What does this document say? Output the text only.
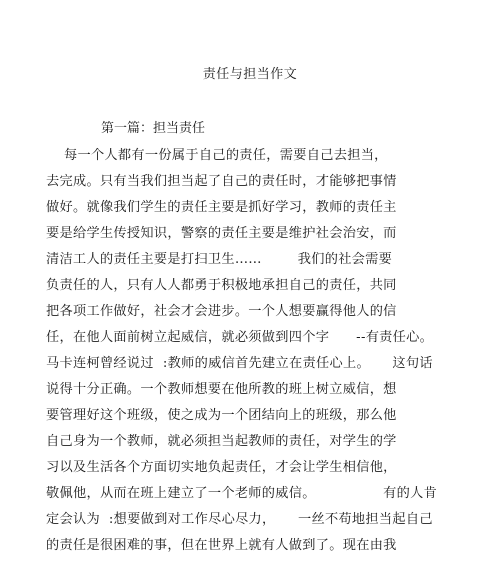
责任与担当作文
第一篇：担当责任
每一个人都有一份属于自己的责任，需要自己去担当，
去完成。只有当我们担当起了自己的责任时，才能够把事情
做好。就像我们学生的责任主要是抓好学习，教师的责任主
要是给学生传授知识，警察的责任主要是维护社会治安，而
清洁工人的责任主要是打扫卫生……        我们的社会需要
负责任的人，只有人人都勇于积极地承担自己的责任，共同
把各项工作做好，社会才会进步。一个人想要赢得他人的信
任，在他人面前树立起威信，就必须做到四个字      --有责任心。
马卡连柯曾经说过  :教师的威信首先建立在责任心上。     这句话
说得十分正确。一个教师想要在他所教的班上树立威信，想
要管理好这个班级，使之成为一个团结向上的班级，那么他
自己身为一个教师，就必须担当起教师的责任，对学生的学
习以及生活各个方面切实地负起责任，才会让学生相信他，
敬佩他，从而在班上建立了一个老师的威信。               有的人肯
定会认为  :想要做到对工作尽心尽力，     一丝不苟地担当起自己
的责任是很困难的事，但在世界上就有人做到了。现在由我
